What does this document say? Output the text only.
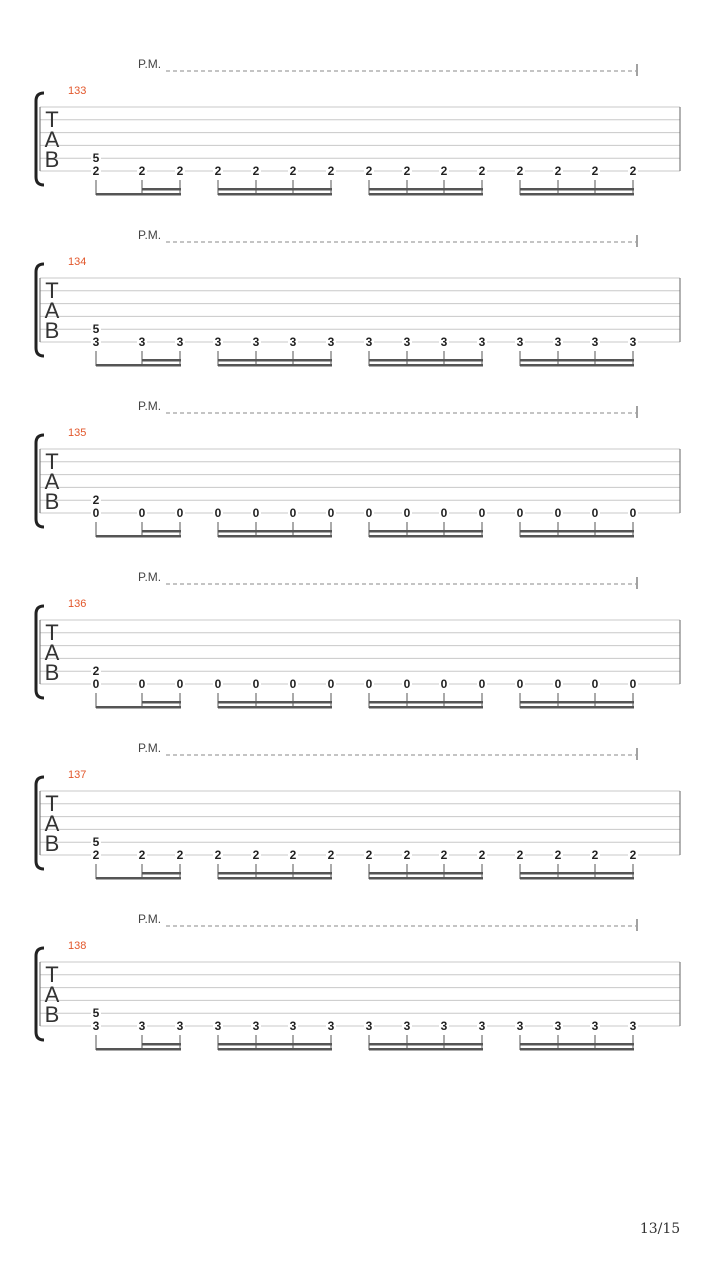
P.M.
133
T
A
B	5
2	2	2	2	2	2	2	2	2	2	2	2	2	2	2
P.M.
134
T
A
B	5
3	3	3	3	3	3	3	3	3	3	3	3	3	3	3
P.M.
135
T
A
B	2
0	0	0	0	0	0	0	0	0	0	0	0	0	0	0
P.M.
136
T
A
B	2
0	0	0	0	0	0	0	0	0	0	0	0	0	0	0
P.M.
137
T
A
B	5
2	2	2	2	2	2	2	2	2	2	2	2	2	2	2
P.M.
138
T
A
B	5
3	3	3	3	3	3	3	3	3	3	3	3	3	3	3
13/15
